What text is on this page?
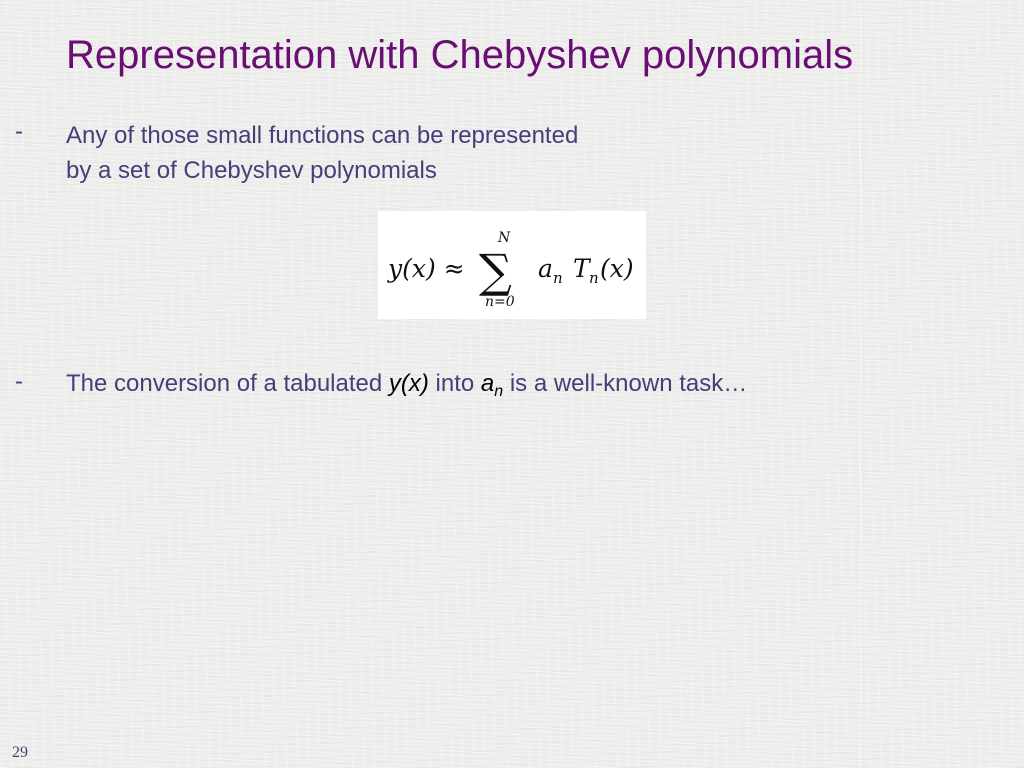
Representation with Chebyshev polynomials
- Any of those small functions can be represented
by a set of Chebyshev polynomials
y(x) ≈
N
∑
n=0
a n T n (x)
- The conversion of a tabulated y(x) into $a_n$ is a well-known task…
29
